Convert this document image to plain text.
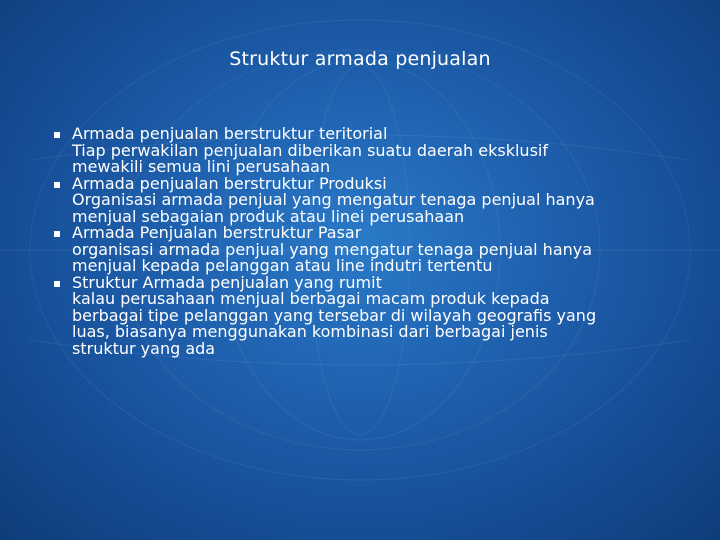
Struktur armada penjualan
Armada penjualan berstruktur teritorial
Tiap perwakilan penjualan diberikan suatu daerah eksklusif
mewakili semua lini perusahaan
Armada penjualan berstruktur Produksi
Organisasi armada penjual yang mengatur tenaga penjual hanya
menjual sebagaian produk atau linei perusahaan
Armada Penjualan berstruktur Pasar
organisasi armada penjual yang mengatur tenaga penjual hanya
menjual kepada pelanggan atau line indutri tertentu
Struktur Armada penjualan yang rumit
kalau perusahaan menjual berbagai macam produk kepada
berbagai tipe pelanggan yang tersebar di wilayah geografis yang
luas, biasanya menggunakan kombinasi dari berbagai jenis
struktur yang ada
